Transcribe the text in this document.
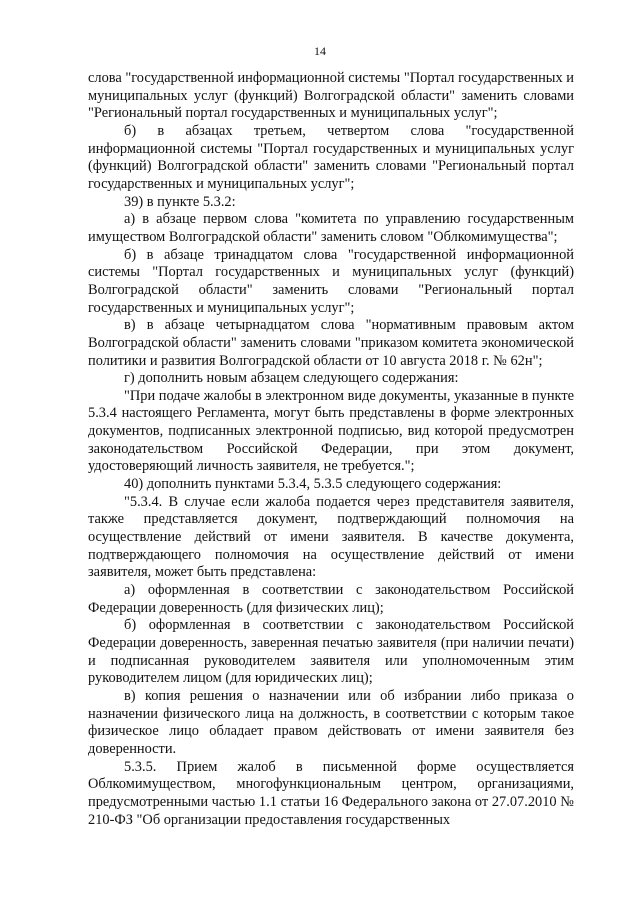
14

слова "государственной информационной системы "Портал государственных и муниципальных услуг (функций) Волгоградской области" заменить словами "Региональный портал государственных и муниципальных услуг";

б) в абзацах третьем, четвертом слова "государственной информационной системы "Портал государственных и муниципальных услуг (функций) Волгоградской области" заменить словами "Региональный портал государственных и муниципальных услуг";

39) в пункте 5.3.2:

а) в абзаце первом слова "комитета по управлению государственным имуществом Волгоградской области" заменить словом "Облкомимущества";

б) в абзаце тринадцатом слова "государственной информационной системы "Портал государственных и муниципальных услуг (функций) Волгоградской области" заменить словами "Региональный портал государственных и муниципальных услуг";

в) в абзаце четырнадцатом слова "нормативным правовым актом Волгоградской области" заменить словами "приказом комитета экономической политики и развития Волгоградской области от 10 августа 2018 г. № 62н";

г) дополнить новым абзацем следующего содержания:

"При подаче жалобы в электронном виде документы, указанные в пункте 5.3.4 настоящего Регламента, могут быть представлены в форме электронных документов, подписанных электронной подписью, вид которой предусмотрен законодательством Российской Федерации, при этом документ, удостоверяющий личность заявителя, не требуется.";

40) дополнить пунктами 5.3.4, 5.3.5 следующего содержания:

"5.3.4. В случае если жалоба подается через представителя заявителя, также представляется документ, подтверждающий полномочия на осуществление действий от имени заявителя. В качестве документа, подтверждающего полномочия на осуществление действий от имени заявителя, может быть представлена:

а) оформленная в соответствии с законодательством Российской Федерации доверенность (для физических лиц);

б) оформленная в соответствии с законодательством Российской Федерации доверенность, заверенная печатью заявителя (при наличии печати) и подписанная руководителем заявителя или уполномоченным этим руководителем лицом (для юридических лиц);

в) копия решения о назначении или об избрании либо приказа о назначении физического лица на должность, в соответствии с которым такое физическое лицо обладает правом действовать от имени заявителя без доверенности.

5.3.5. Прием жалоб в письменной форме осуществляется Облкомимуществом, многофункциональным центром, организациями, предусмотренными частью 1.1 статьи 16 Федерального закона от 27.07.2010 № 210-ФЗ "Об организации предоставления государственных
